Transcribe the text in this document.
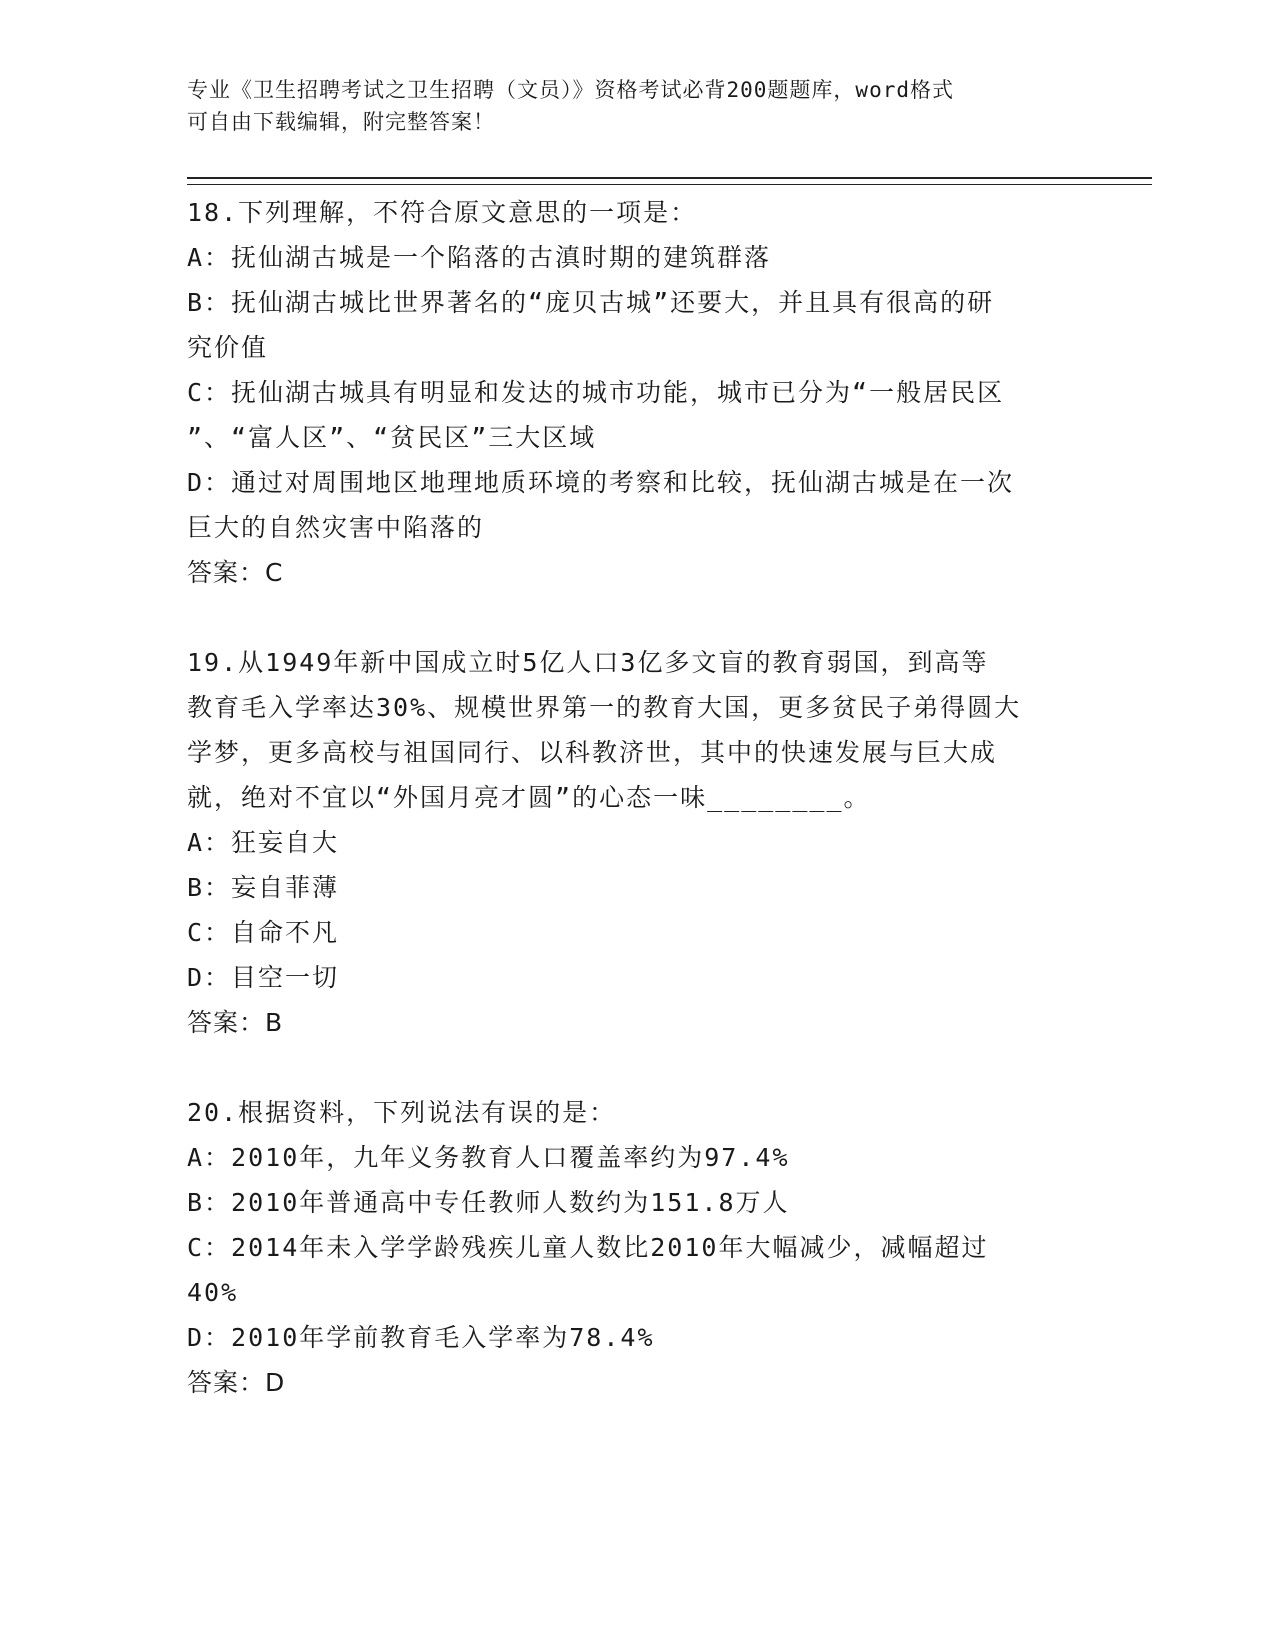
专业《卫生招聘考试之卫生招聘（文员）》资格考试必背200题题库，word格式
可自由下载编辑，附完整答案！
18.下列理解，不符合原文意思的一项是：
A：抚仙湖古城是一个陷落的古滇时期的建筑群落
B：抚仙湖古城比世界著名的“庞贝古城”还要大，并且具有很高的研
究价值
C：抚仙湖古城具有明显和发达的城市功能，城市已分为“一般居民区
”、“富人区”、“贫民区”三大区域
D：通过对周围地区地理地质环境的考察和比较，抚仙湖古城是在一次
巨大的自然灾害中陷落的
答案：C
19.从1949年新中国成立时5亿人口3亿多文盲的教育弱国，到高等
教育毛入学率达30%、规模世界第一的教育大国，更多贫民子弟得圆大
学梦，更多高校与祖国同行、以科教济世，其中的快速发展与巨大成
就，绝对不宜以“外国月亮才圆”的心态一味________。
A：狂妄自大
B：妄自菲薄
C：自命不凡
D：目空一切
答案：B
20.根据资料，下列说法有误的是：
A：2010年，九年义务教育人口覆盖率约为97.4%
B：2010年普通高中专任教师人数约为151.8万人
C：2014年未入学学龄残疾儿童人数比2010年大幅减少，减幅超过
40%
D：2010年学前教育毛入学率为78.4%
答案：D
